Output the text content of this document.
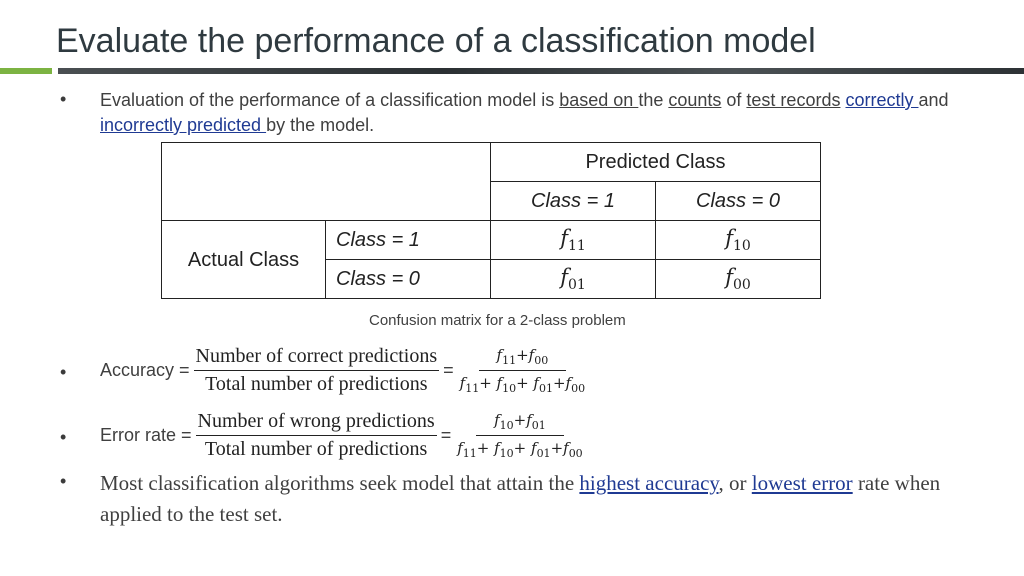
Evaluate the performance of a classification model
• Evaluation of the performance of a classification model is based on the counts of test records correctly and incorrectly predicted by the model.
		Predicted Class	
		Class = 1	Class = 0
Actual Class	Class = 1	$f_{11}$	$f_{10}$
	Class = 0	$f_{01}$	$f_{00}$
Confusion matrix for a 2-class problem
• Accuracy = $\frac{\text{Number of correct predictions}}{\text{Total number of predictions}} = \frac{f_{11}+f_{00}}{f_{11}+ f_{10}+ f_{01}+f_{00}}$
• Error rate = $\frac{\text{Number of wrong predictions}}{\text{Total number of predictions}} = \frac{f_{10}+f_{01}}{f_{11}+ f_{10}+ f_{01}+f_{00}}$
• Most classification algorithms seek model that attain the highest accuracy, or lowest error rate when applied to the test set.
